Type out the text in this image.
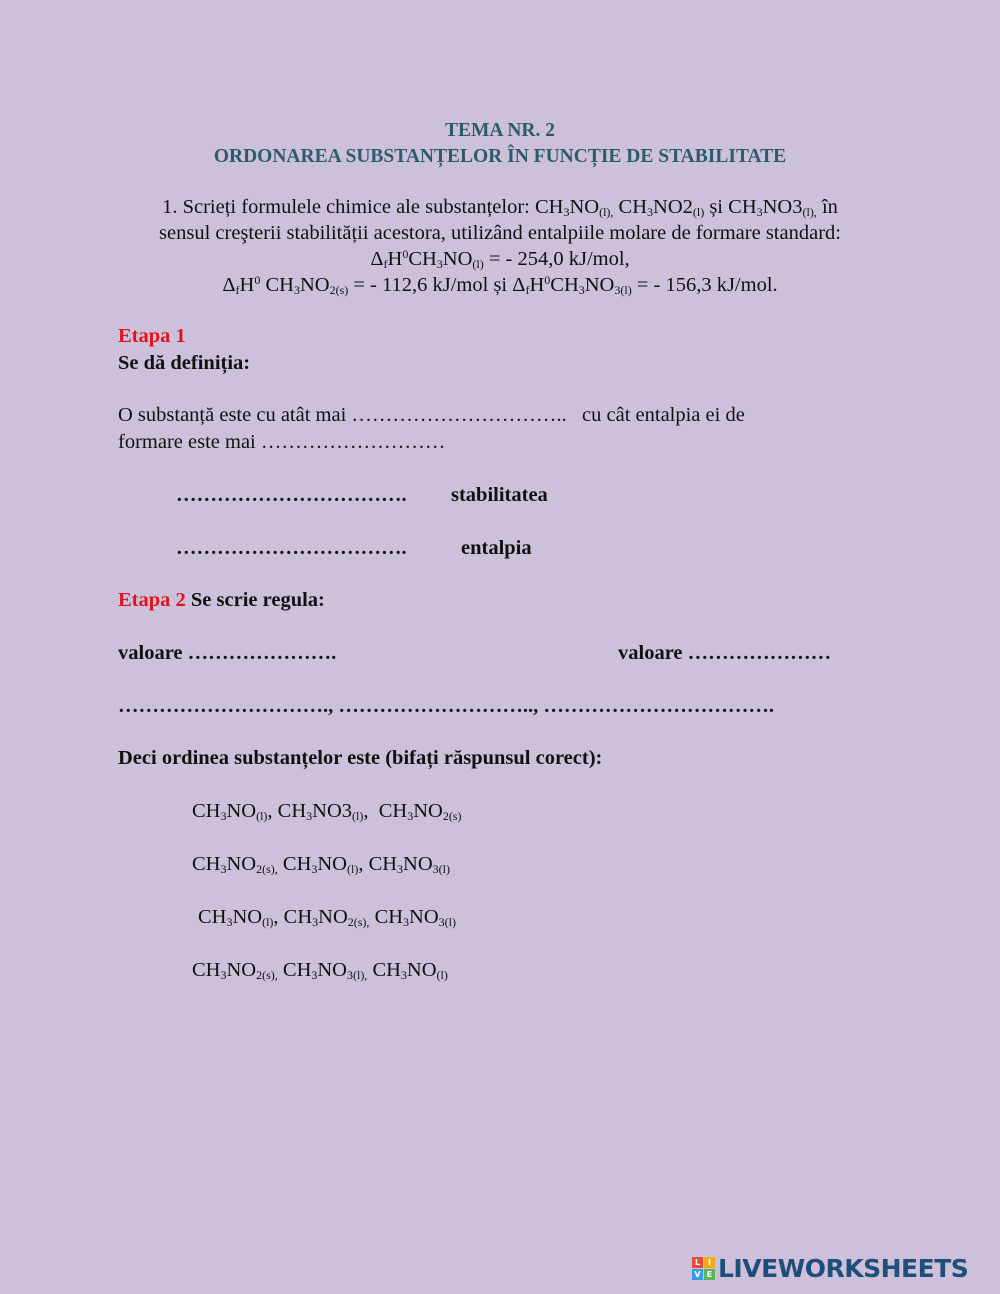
TEMA NR. 2
ORDONAREA SUBSTANȚELOR ÎN FUNCȚIE DE STABILITATE
1. Scrieți formulele chimice ale substanțelor: $CH_3NO_{(l),}$ $CH_3NO2_{(l)}$ și $CH_3NO3_{(l),}$ în
sensul creşterii stabilității acestora, utilizând entalpiile molare de formare standard:
$\Delta_fH^0CH_3NO_{(l)}$ = - 254,0 kJ/mol,
$\Delta_fH^0$ $CH_3NO_{2(s)}$ = - 112,6 kJ/mol și $\Delta_fH^0CH_3NO_{3(l)}$ = - 156,3 kJ/mol.
Etapa 1
Se dă definiția:
O substanță este cu atât mai ………………………….. cu cât entalpia ei de
formare este mai ………………………
……………………………. stabilitatea
…………………………….	entalpia
Etapa 2 Se scrie regula:
valoare ………………….	valoare …………………
…………………………., ……………………….., …………………………….
Deci ordinea substanțelor este (bifați răspunsul corect):
$CH_3NO_{(l)}$, $CH_3NO3_{(l)}$,  $CH_3NO_{2(s)}$
$CH_3NO_{2(s),}$ $CH_3NO_{(l)}$, $CH_3NO_{3(l)}$
$CH_3NO_{(l)}$, $CH_3NO_{2(s),}$ $CH_3NO_{3(l)}$
$CH_3NO_{2(s),}$ $CH_3NO_{3(l),}$ $CH_3NO_{(l)}$
L I
V E LIVEWORKSHEETS
